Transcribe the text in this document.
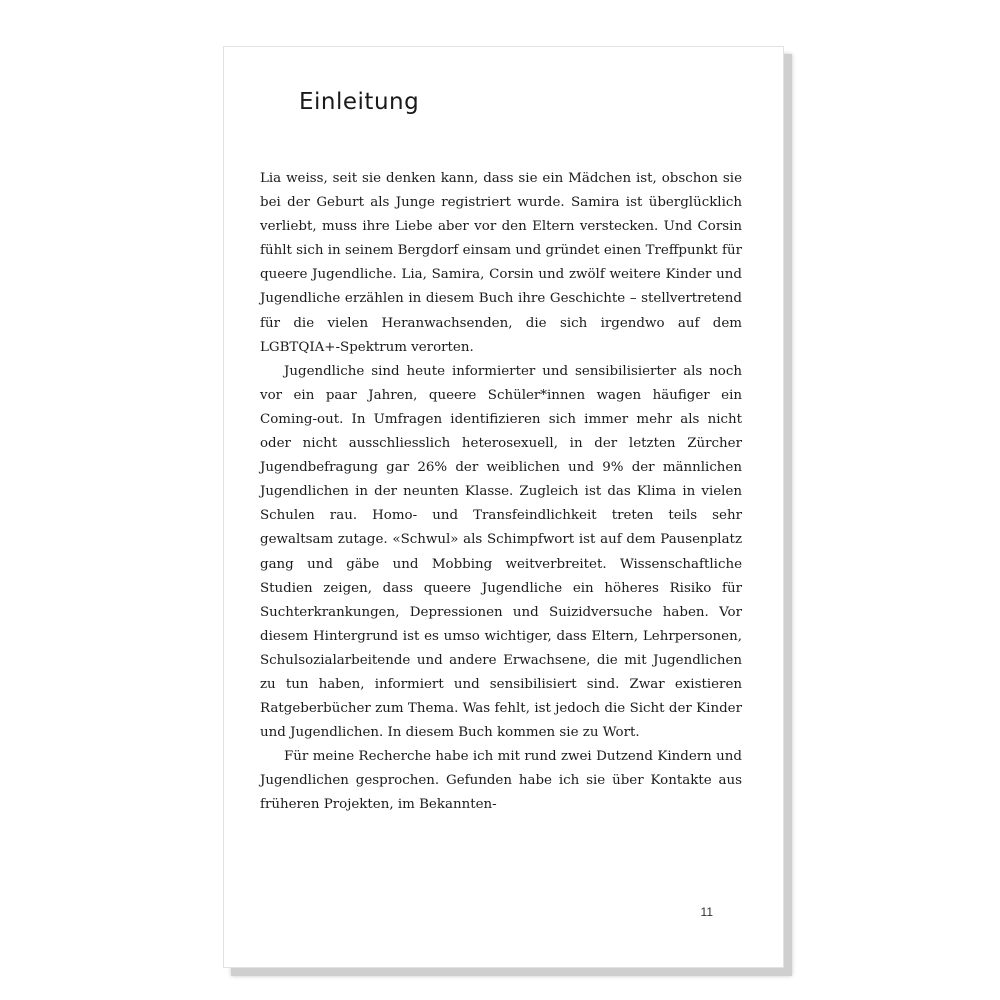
Einleitung

Lia weiss, seit sie denken kann, dass sie ein Mädchen ist, obschon sie bei der Geburt als Junge registriert wurde. Samira ist überglücklich verliebt, muss ihre Liebe aber vor den Eltern verstecken. Und Corsin fühlt sich in seinem Bergdorf einsam und gründet einen Treffpunkt für queere Jugendliche. Lia, Samira, Corsin und zwölf weitere Kinder und Jugendliche erzählen in diesem Buch ihre Geschichte – stellvertretend für die vielen Heranwachsenden, die sich irgendwo auf dem LGBTQIA+-Spektrum verorten.

Jugendliche sind heute informierter und sensibilisierter als noch vor ein paar Jahren, queere Schüler*innen wagen häufiger ein Coming-out. In Umfragen identifizieren sich immer mehr als nicht oder nicht ausschliesslich heterosexuell, in der letzten Zürcher Jugendbefragung gar 26% der weiblichen und 9% der männlichen Jugendlichen in der neunten Klasse. Zugleich ist das Klima in vielen Schulen rau. Homo- und Transfeindlichkeit treten teils sehr gewaltsam zutage. «Schwul» als Schimpfwort ist auf dem Pausenplatz gang und gäbe und Mobbing weitverbreitet. Wissenschaftliche Studien zeigen, dass queere Jugendliche ein höheres Risiko für Suchterkrankungen, Depressionen und Suizidversuche haben. Vor diesem Hintergrund ist es umso wichtiger, dass Eltern, Lehrpersonen, Schulsozialarbeitende und andere Erwachsene, die mit Jugendlichen zu tun haben, informiert und sensibilisiert sind. Zwar existieren Ratgeberbücher zum Thema. Was fehlt, ist jedoch die Sicht der Kinder und Jugendlichen. In diesem Buch kommen sie zu Wort.

Für meine Recherche habe ich mit rund zwei Dutzend Kindern und Jugendlichen gesprochen. Gefunden habe ich sie über Kontakte aus früheren Projekten, im Bekannten-

11
